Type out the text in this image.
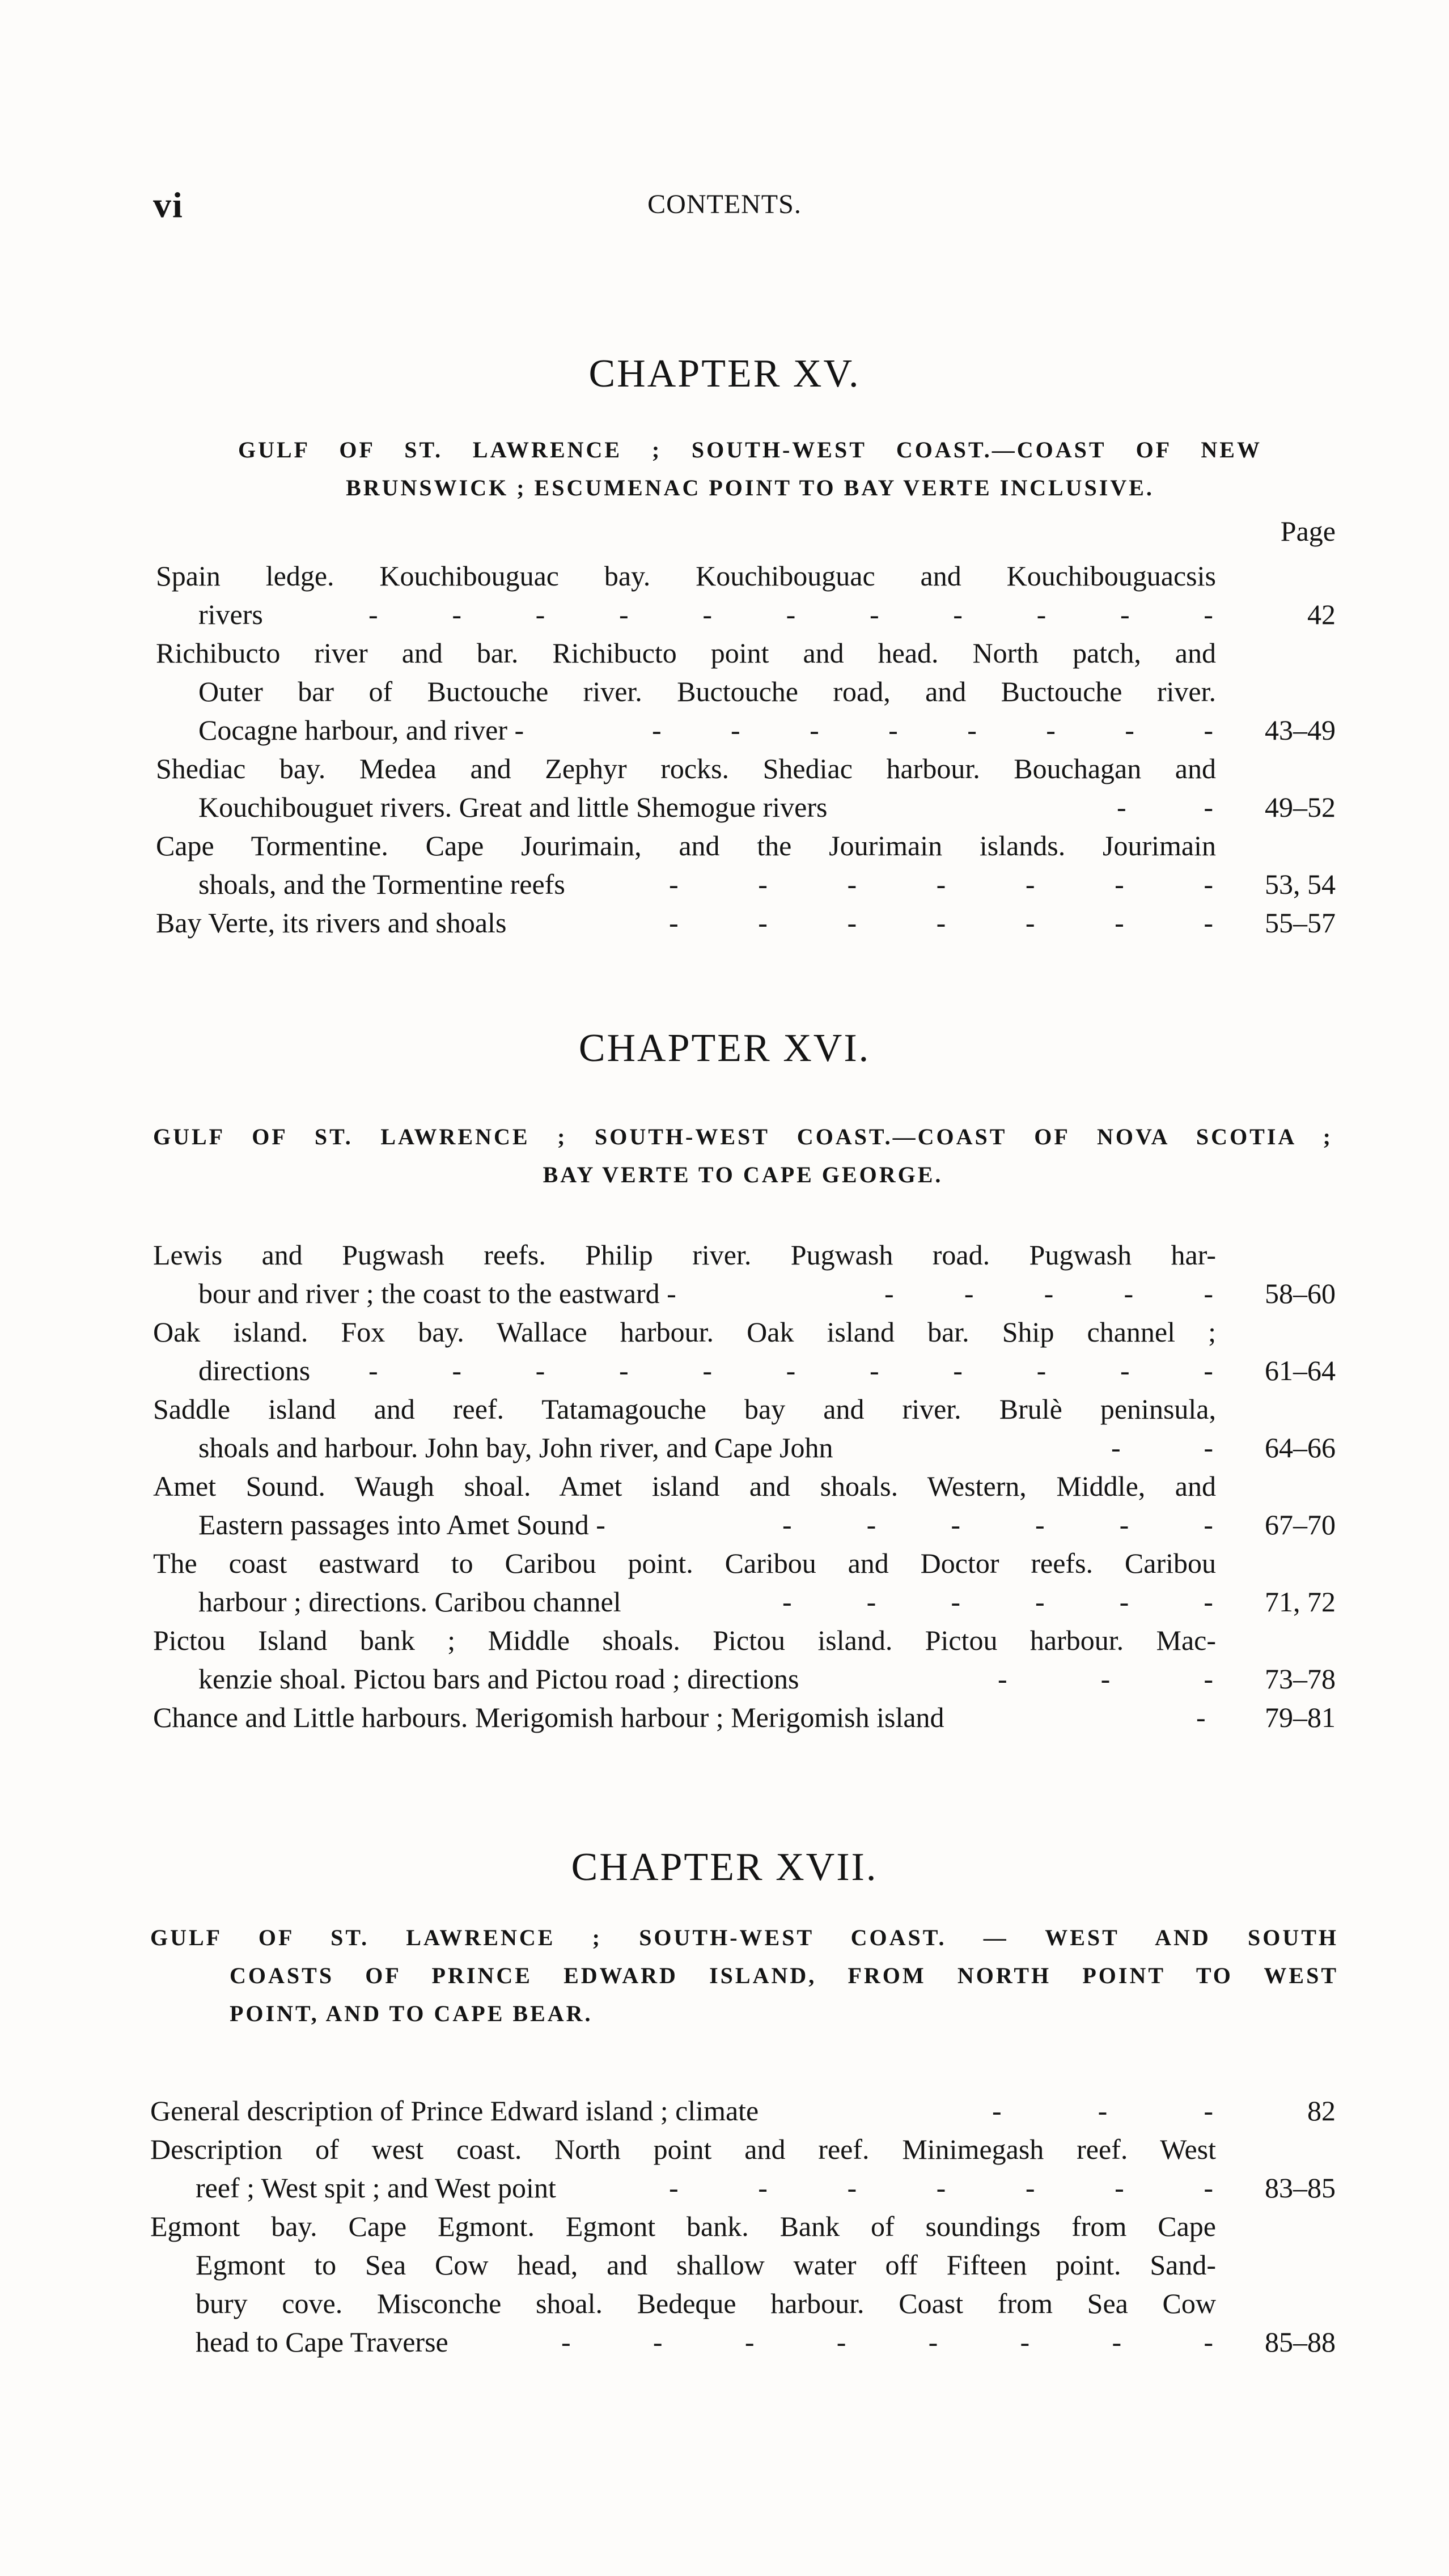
vi	CONTENTS.
CHAPTER XV.
GULF OF ST. LAWRENCE ; SOUTH-WEST COAST.—COAST OF NEW
BRUNSWICK ; ESCUMENAC POINT TO BAY VERTE INCLUSIVE.
Page
Spain ledge. Kouchibouguac bay. Kouchibouguac and Kouchibouguacsis
rivers	-	-	-	-	-	-	-	-	-	-	-	42
Richibucto river and bar. Richibucto point and head. North patch, and
Outer bar of Buctouche river. Buctouche road, and Buctouche river.
Cocagne harbour, and river -	- - - - - - - - 43–49
Shediac bay. Medea and Zephyr rocks. Shediac harbour. Bouchagan and
Kouchibouguet rivers. Great and little Shemogue rivers	-	- 49–52
Cape Tormentine. Cape Jourimain, and the Jourimain islands. Jourimain
shoals, and the Tormentine reefs	-	-	-	-	-	-	- 53, 54
Bay Verte, its rivers and shoals	-	-	-	-	-	-	- 55–57
CHAPTER XVI.
GULF OF ST. LAWRENCE ; SOUTH-WEST COAST.—COAST OF NOVA SCOTIA ;
BAY VERTE TO CAPE GEORGE.
Lewis and Pugwash reefs. Philip river. Pugwash road. Pugwash har-
bour and river ; the coast to the eastward -	- - - - - 58–60
Oak island. Fox bay. Wallace harbour. Oak island bar. Ship channel ;
directions -	-	-	-	-	-	-	-	-	-	- 61–64
Saddle island and reef. Tatamagouche bay and river. Brulè peninsula,
shoals and harbour. John bay, John river, and Cape John	-	- 64–66
Amet Sound. Waugh shoal. Amet island and shoals. Western, Middle, and
Eastern passages into Amet Sound -	-	-	-	-	-	- 67–70
The coast eastward to Caribou point. Caribou and Doctor reefs. Caribou
harbour ; directions. Caribou channel	-	-	-	-	-	- 71, 72
Pictou Island bank ; Middle shoals. Pictou island. Pictou harbour. Mac-
kenzie shoal. Pictou bars and Pictou road ; directions	-	-	- 73–78
Chance and Little harbours. Merigomish harbour ; Merigomish island	- 79–81
CHAPTER XVII.
GULF OF ST. LAWRENCE ; SOUTH-WEST COAST. — WEST AND SOUTH
COASTS OF PRINCE EDWARD ISLAND, FROM NORTH POINT TO WEST
POINT, AND TO CAPE BEAR.
General description of Prince Edward island ; climate	-	-	-	82
Description of west coast. North point and reef. Minimegash reef. West
reef ; West spit ; and West point	-	-	-	-	-	-	- 83–85
Egmont bay. Cape Egmont. Egmont bank. Bank of soundings from Cape
Egmont to Sea Cow head, and shallow water off Fifteen point. Sand-
bury cove. Misconche shoal. Bedeque harbour. Coast from Sea Cow
head to Cape Traverse	-	-	-	-	-	-	-	- 85–88
